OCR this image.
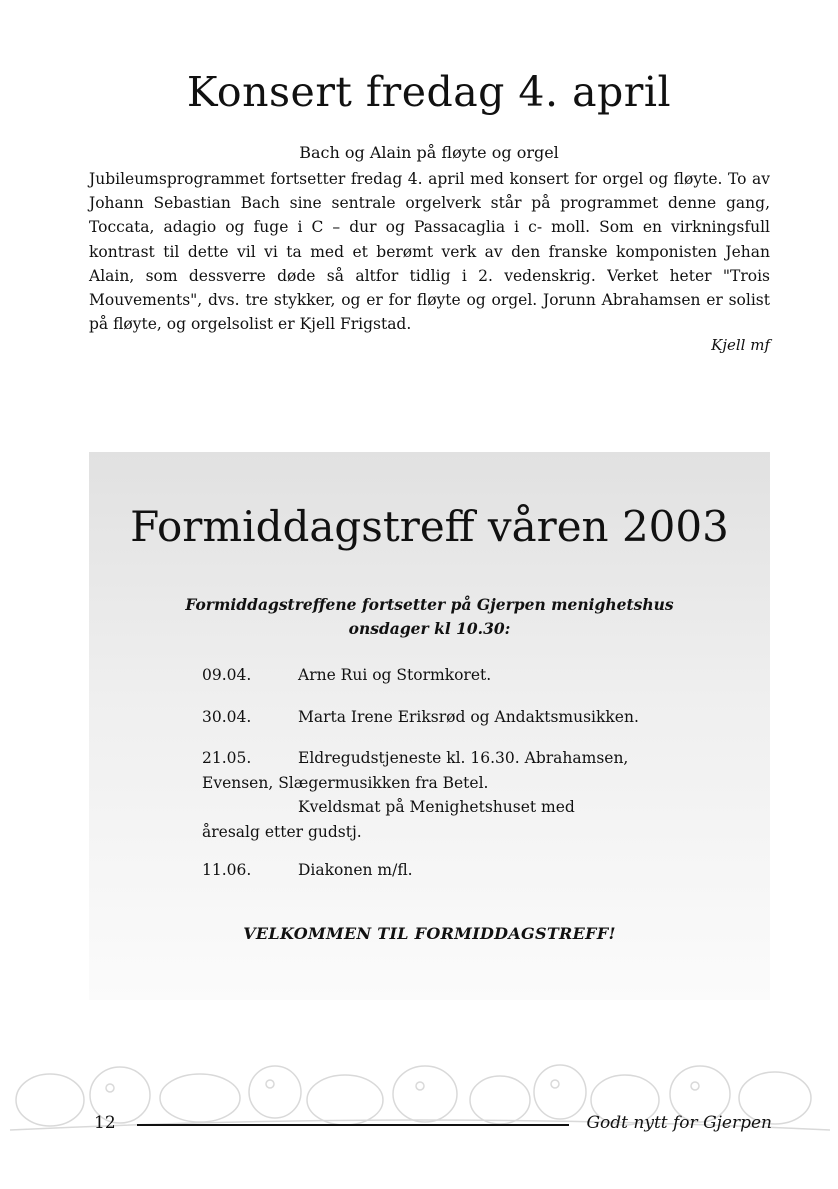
Konsert fredag 4. april
Bach og Alain på fløyte og orgel

Jubileumsprogrammet fortsetter fredag 4. april med konsert for orgel og fløyte. To av Johann Sebastian Bach sine sentrale orgelverk står på programmet denne gang, Toccata, adagio og fuge i C – dur og Passacaglia i c- moll. Som en virkningsfull kontrast til dette vil vi ta med et berømt verk av den franske komponisten Jehan Alain, som dessverre døde så altfor tidlig i 2. vedenskrig. Verket heter "Trois Mouvements", dvs. tre stykker, og er for fløyte og orgel. Jorunn Abrahamsen er solist på fløyte, og orgelsolist er Kjell Frigstad.

Kjell mf
Formiddagstreff våren 2003
Formiddagstreffene fortsetter på Gjerpen menighetshus
onsdager kl 10.30:
09.04.	Arne Rui og Stormkoret.
30.04.	Marta Irene Eriksrød og Andaktsmusikken.
21.05.	Eldregudstjeneste kl. 16.30. Abrahamsen,
Evensen, Slægermusikken fra Betel.
Kveldsmat på Menighetshuset med
åresalg etter gudstj.
11.06.	Diakonen m/fl.
VELKOMMEN TIL FORMIDDAGSTREFF!
12	Godt nytt for Gjerpen
